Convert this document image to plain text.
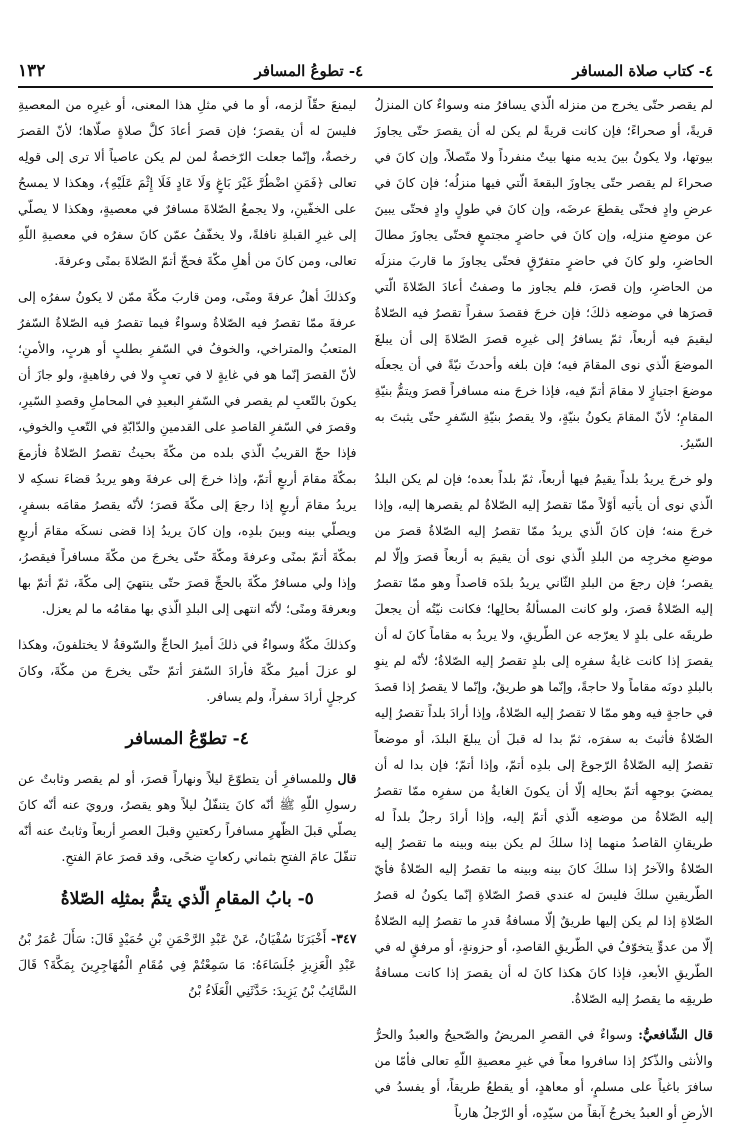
٤- كتاب صلاة المسافر
٤- تطوعُ المسافر
١٣٢

لم يقصر حتّى يخرج من منزله الّذي يسافرُ منه وسواءٌ كان المنزلُ قريةً، أو صحراءً؛ فإن كانت قريةً لم يكن له أن يقصرَ حتّى يجاوزَ بيوتها، ولا يكونُ بينَ يديه منها بيتٌ منفرداً ولا متّصلاً، وإن كانَ في صحراءَ لم يقصر حتّى يجاوزَ البقعةَ الّتي فيها منزلُه؛ فإن كانَ في عرضِ وادٍ فحتّى يقطعَ عرضَه، وإن كانَ في طولٍ وادٍ فحتّى يبينَ عن موضعِ منزلِه، وإن كانَ في حاضرٍ مجتمعٍ فحتّى يجاوزَ مطالَ الحاضرِ، ولو كانَ في حاضرٍ متفرّقٍ فحتّى يجاوزَ ما قاربَ منزلَه من الحاضرِ، وإن قصرَ، فلم يجاوز ما وصفتُ أعادَ الصّلاةَ الّتي قصرَها في موضعِه ذلكَ؛ فإن خرجَ فقصدَ سفراً تقصرُ فيه الصّلاةُ ليقيمَ فيه أربعاً، ثمّ يسافرُ إلى غيرِه قصرَ الصّلاةَ إلى أن يبلغَ الموضعَ الّذي نوى المقامَ فيه؛ فإن بلغه وأحدثَ نيّةً في أن يجعلَه موضعَ اجتيازٍ لا مقامَ أتمّ فيه، فإذا خرجَ منه مسافراً قصرَ ويتمُّ بنيّةِ المقامِ؛ لأنّ المقامَ يكونُ بنيّةٍ، ولا يقصرُ بنيّةِ السّفرِ حتّى يثبتَ به السّيرُ.

ولو خرجَ يريدُ بلداً يقيمُ فيها أربعاً، ثمّ بلداً بعده؛ فإن لم يكن البلدُ الّذي نوى أن يأتيه أوّلاً ممّا تقصرُ إليه الصّلاةُ لم يقصرها إليه، وإذا خرجَ منه؛ فإن كانَ الّذي يريدُ ممّا تقصرُ إليه الصّلاةُ قصرَ من موضعِ مخرجِه من البلدِ الّذي نوى أن يقيمَ به أربعاً قصرَ وإلّا لم يقصر؛ فإن رجعَ من البلدِ الثّاني يريدُ بلدَه قاصداً وهو ممّا تقصرُ إليه الصّلاةُ قصرَ، ولو كانت المسألةُ بحالِها؛ فكانت نيّتُه أن يجعلَ طريقَه على بلدٍ لا يعرّجه عن الطّريقِ، ولا يريدُ به مقاماً كانَ له أن يقصرَ إذا كانت غايةُ سفرِه إلى بلدٍ تقصرُ إليه الصّلاةُ؛ لأنّه لم ينوِ بالبلدِ دونَه مقاماً ولا حاجةً، وإنّما هو طريقٌ، وإنّما لا يقصرُ إذا قصدَ في حاجةٍ فيه وهو ممّا لا تقصرُ إليه الصّلاةُ، وإذا أرادَ بلداً تقصرُ إليه الصّلاةُ فأثبتَ به سفرَه، ثمّ بدا له قبلَ أن يبلغَ البلدَ، أو موضعاً تقصرُ إليه الصّلاةُ الرّجوعَ إلى بلدِه أتمّ، وإذا أتمّ؛ فإن بدا له أن يمضيَ بوجهِه أتمّ بحالِه إلّا أن يكونَ الغايةُ من سفرِه ممّا تقصرُ إليه الصّلاةُ من موضعِه الّذي أتمّ إليه، وإذا أرادَ رجلٌ بلداً له طريقانِ القاصدُ منهما إذا سلكَ لم يكن بينه وبينه ما تقصرُ إليه الصّلاةُ والآخرُ إذا سلكَ كانَ بينه وبينه ما تقصرُ إليه الصّلاةُ فأيّ الطّريقينِ سلكَ فليسَ له عندي قصرُ الصّلاةِ إنّما يكونُ له قصرُ الصّلاةِ إذا لم يكن إليها طريقٌ إلّا مسافةُ قدرِ ما تقصرُ إليه الصّلاةُ إلّا من عدوٍّ يتخوّفُ في الطّريقِ القاصدِ، أو حزونةٍ، أو مرفقٍ له في الطّريقِ الأبعدِ، فإذا كانَ هكذا كانَ له أن يقصرَ إذا كانت مسافةُ طريقِه ما يقصرُ إليه الصّلاةُ.

قال الشّافعيُّ: وسواءٌ في القصرِ المريضُ والصّحيحُ والعبدُ والحرُّ والأنثى والذّكرُ إذا سافروا معاً في غيرِ معصيةِ اللّهِ تعالى فأمّا من سافرَ باغياً على مسلمٍ، أو معاهدٍ، أو يقطعُ طريقاً، أو يفسدُ في الأرضِ أو العبدُ يخرجُ آبقاً من سيّدِه، أو الرّجلُ هارباً

ليمنعَ حقّاً لزمه، أو ما في مثلِ هذا المعنى، أو غيرِه من المعصيةِ فليسَ له أن يقصرَ؛ فإن قصرَ أعادَ كلَّ صلاةٍ صلّاها؛ لأنّ القصرَ رخصةٌ، وإنّما جعلت الرّخصةُ لمن لم يكن عاصياً ألا ترى إلى قولِه تعالى ﴿فَمَنِ اضْطُرَّ غَيْرَ بَاغٍ وَلَا عَادٍ فَلَا إِثْمَ عَلَيْهِ﴾، وهكذا لا يمسحُ على الخفّينِ، ولا يجمعُ الصّلاةَ مسافرٌ في معصيةٍ، وهكذا لا يصلّي إلى غيرِ القبلةِ نافلةً، ولا يخفّفُ عمّن كانَ سفرُه في معصيةِ اللّهِ تعالى، ومن كانَ من أهلِ مكّةَ فحجّ أتمّ الصّلاةَ بمنًى وعرفةَ.

وكذلكَ أهلُ عرفةَ ومنًى، ومن قاربَ مكّةَ ممّن لا يكونُ سفرُه إلى عرفةَ ممّا تقصرُ فيه الصّلاةُ وسواءٌ فيما تقصرُ فيه الصّلاةُ السّفرُ المتعبُ والمتراخي، والخوفُ في السّفرِ بطلبٍ أو هربٍ، والأمنِ؛ لأنّ القصرَ إنّما هو في غايةٍ لا في تعبٍ ولا في رفاهيةٍ، ولو جازَ أن يكونَ بالتّعبِ لم يقصر في السّفرِ البعيدِ في المحاملِ وقصدِ السّيرِ، وقصرَ في السّفرِ القاصدِ على القدمينِ والدّابّةِ في التّعبِ والخوفِ، فإذا حجّ القريبُ الّذي بلده من مكّةَ بحيثُ تقصرُ الصّلاةُ فأزمعَ بمكّةَ مقامَ أربعٍ أتمّ، وإذا خرجَ إلى عرفةَ وهو يريدُ قضاءَ نسكِه لا يريدُ مقامَ أربعٍ إذا رجعَ إلى مكّةَ قصرَ؛ لأنّه يقصرُ مقامَه بسفرٍ، ويصلّي بينه وبينَ بلدِه، وإن كانَ يريدُ إذا قضى نسكَه مقامَ أربعٍ بمكّةَ أتمّ بمنًى وعرفةَ ومكّةَ حتّى يخرجَ من مكّةَ مسافراً فيقصرُ، وإذا ولي مسافرٌ مكّةَ بالحجِّ قصرَ حتّى ينتهيَ إلى مكّةَ، ثمّ أتمّ بها وبعرفةَ ومنًى؛ لأنّه انتهى إلى البلدِ الّذي بها مقامُه ما لم يعزل.

وكذلكَ مكّةُ وسواءٌ في ذلكَ أميرُ الحاجِّ والسّوقةُ لا يختلفونَ، وهكذا لو عزلَ أميرُ مكّةَ فأرادَ السّفرَ أتمّ حتّى يخرجَ من مكّةَ، وكانَ كرجلٍ أرادَ سفراً، ولم يسافر.

٤- تطوّعُ المسافر

قال وللمسافرِ أن يتطوّعَ ليلاً ونهاراً قصرَ، أو لم يقصر وثابتٌ عن رسولِ اللّهِ ﷺ أنّه كانَ يتنفّلُ ليلاً وهو يقصرُ، ورويَ عنه أنّه كانَ يصلّي قبلَ الظّهرِ مسافراً ركعتينِ وقبلَ العصرِ أربعاً وثابتٌ عنه أنّه تنفّلَ عامَ الفتحِ بثماني ركعاتٍ ضحًى، وقد قصرَ عامَ الفتحِ.

٥- بابُ المقامِ الّذي يتمُّ بمثلِه الصّلاةُ

٣٤٧- أَخْبَرَنَا سُفْيَانُ، عَنْ عَبْدِ الرَّحْمَنِ بْنِ حُمَيْدٍ قَالَ: سَأَلَ عُمَرُ بْنُ عَبْدِ الْعَزِيزِ جُلَسَاءَهُ: مَا سَمِعْتُمْ فِي مُقَامِ الْمُهَاجِرِينَ بِمَكَّةَ؟ قَالَ السَّائِبُ بْنُ يَزِيدَ: حَدَّثَنِي الْعَلَاءُ بْنُ
